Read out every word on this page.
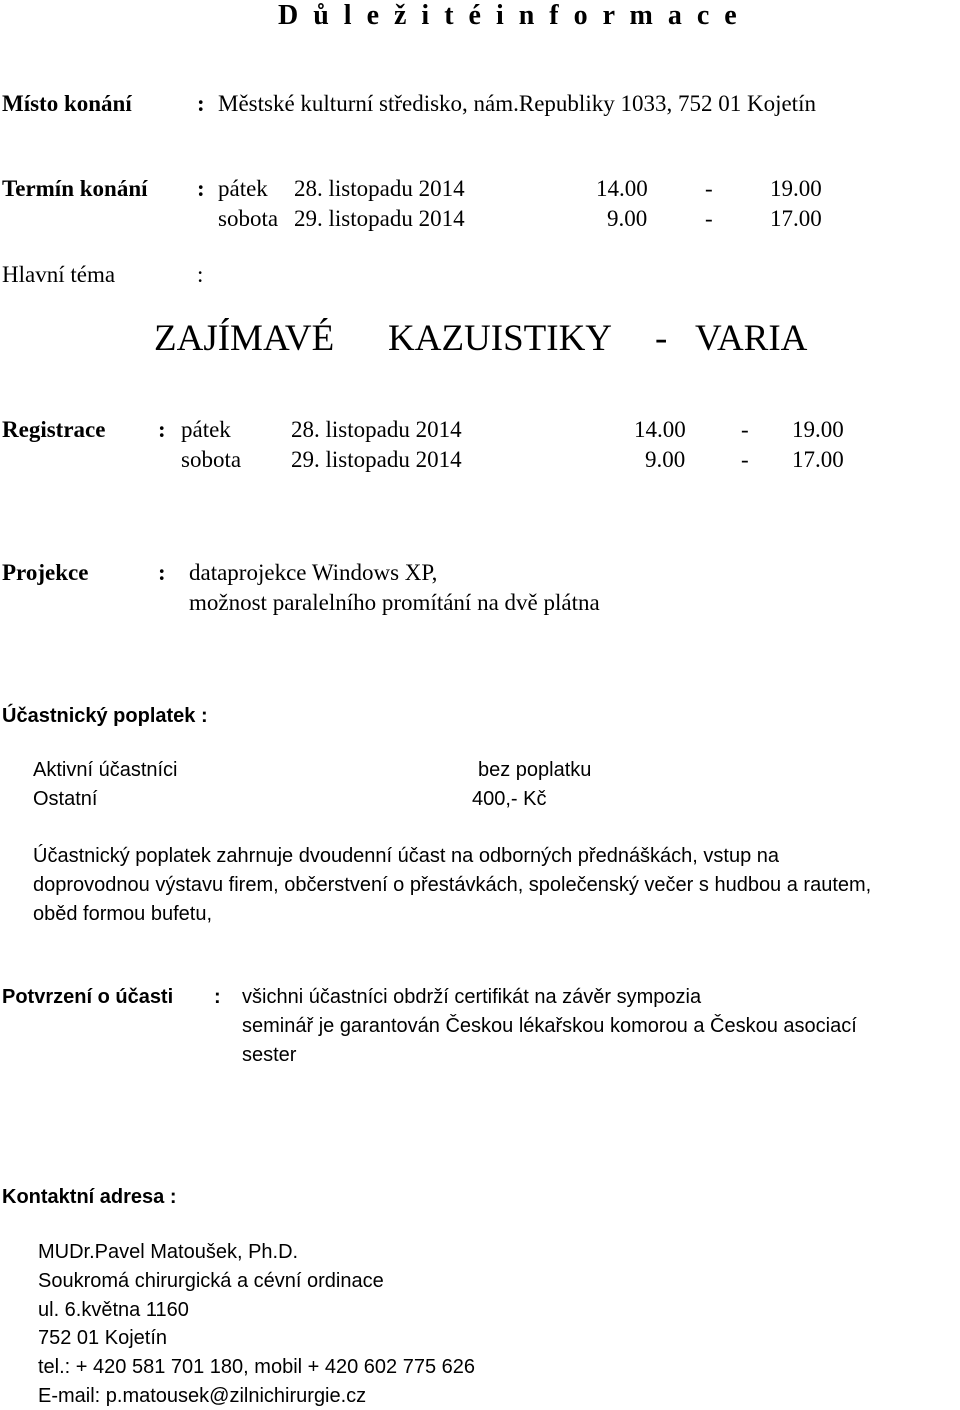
D ů l e ž i t é i n f o r m a c e
Místo konání	: Městské kulturní středisko, nám.Republiky 1033, 752 01 Kojetín
Termín konání : pátek 28. listopadu 2014	14.00 - 19.00
sobota 29. listopadu 2014	9.00	- 17.00
Hlavní téma	:
ZAJÍMAVÉ KAZUISTIKY - VARIA
Registrace : pátek	28. listopadu 2014	14.00 - 19.00
sobota 29. listopadu 2014	9.00 - 17.00
Projekce	: dataprojekce Windows XP,
možnost paralelního promítání na dvě plátna
Účastnický poplatek :
Aktivní účastníci	bez poplatku
Ostatní	400,- Kč
Účastnický poplatek zahrnuje dvoudenní účast na odborných přednáškách, vstup na
doprovodnou výstavu firem, občerstvení o přestávkách, společenský večer s hudbou a rautem,
oběd formou bufetu,
Potvrzení o účasti : všichni účastníci obdrží certifikát na závěr sympozia
seminář je garantován Českou lékařskou komorou a Českou asociací
sester
Kontaktní adresa :
MUDr.Pavel Matoušek, Ph.D.
Soukromá chirurgická a cévní ordinace
ul. 6.května 1160
752 01 Kojetín
tel.: + 420 581 701 180, mobil + 420 602 775 626
E-mail: p.matousek@zilnichirurgie.cz
